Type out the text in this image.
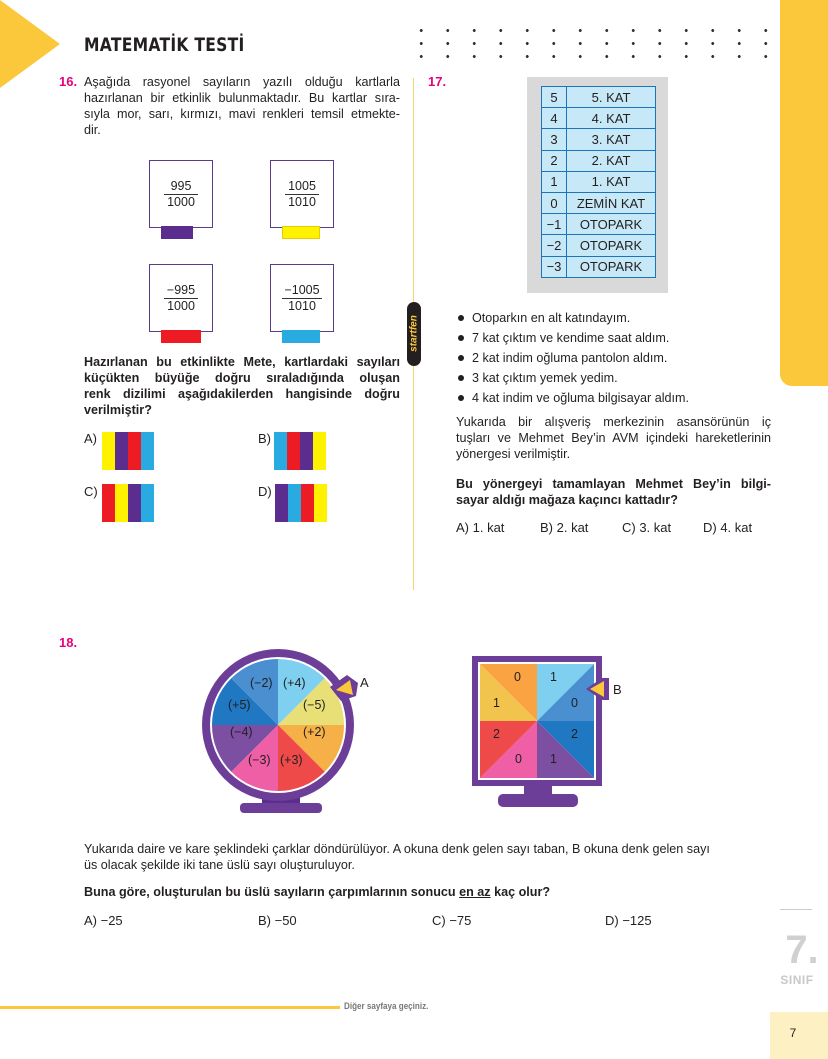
MATEMATİK TESTİ
startfen
16. Aşağıda rasyonel sayıların yazılı olduğu kartlarla
hazırlanan bir etkinlik bulunmaktadır. Bu kartlar sıra-
sıyla mor, sarı, kırmızı, mavi renkleri temsil etmekte-
dir.
$\frac{995}{1000}$	$\frac{1005}{1010}$
$\frac{-995}{1000}$	$\frac{-1005}{1010}$
Hazırlanan bu etkinlikte Mete, kartlardaki sayıları
küçükten büyüğe doğru sıraladığında oluşan
renk dizilimi aşağıdakilerden hangisinde doğru
verilmiştir?
A)	B)
C)	D)
17.
5	5. KAT
4	4. KAT
3	3. KAT
2	2. KAT
1	1. KAT
0	ZEMİN KAT
−1	OTOPARK
−2	OTOPARK
−3	OTOPARK
Otoparkın en alt katındayım.
7 kat çıktım ve kendime saat aldım.
2 kat indim oğluma pantolon aldım.
3 kat çıktım yemek yedim.
4 kat indim ve oğluma bilgisayar aldım.
Yukarıda bir alışveriş merkezinin asansörünün iç
tuşları ve Mehmet Bey’in AVM içindeki hareketlerinin
yönergesi verilmiştir.
Bu yönergeyi tamamlayan Mehmet Bey’in bilgi-
sayar aldığı mağaza kaçıncı kattadır?
A) 1. kat	B) 2. kat	C) 3. kat D) 4. kat
18.
(+4)
(−5)
(+2)
(+3)
(−3)
(−4)
(+5)
(−2)	A	1
0
2
1
0
2
1
0
B
Yukarıda daire ve kare şeklindeki çarklar döndürülüyor. A okuna denk gelen sayı taban, B okuna denk gelen sayı
üs olacak şekilde iki tane üslü sayı oluşturuluyor.
Buna göre, oluşturulan bu üslü sayıların çarpımlarının sonucu en az kaç olur?
A) −25	B) −50	C) −75	D) −125
7.
SINIF
Diğer sayfaya geçiniz.
7
